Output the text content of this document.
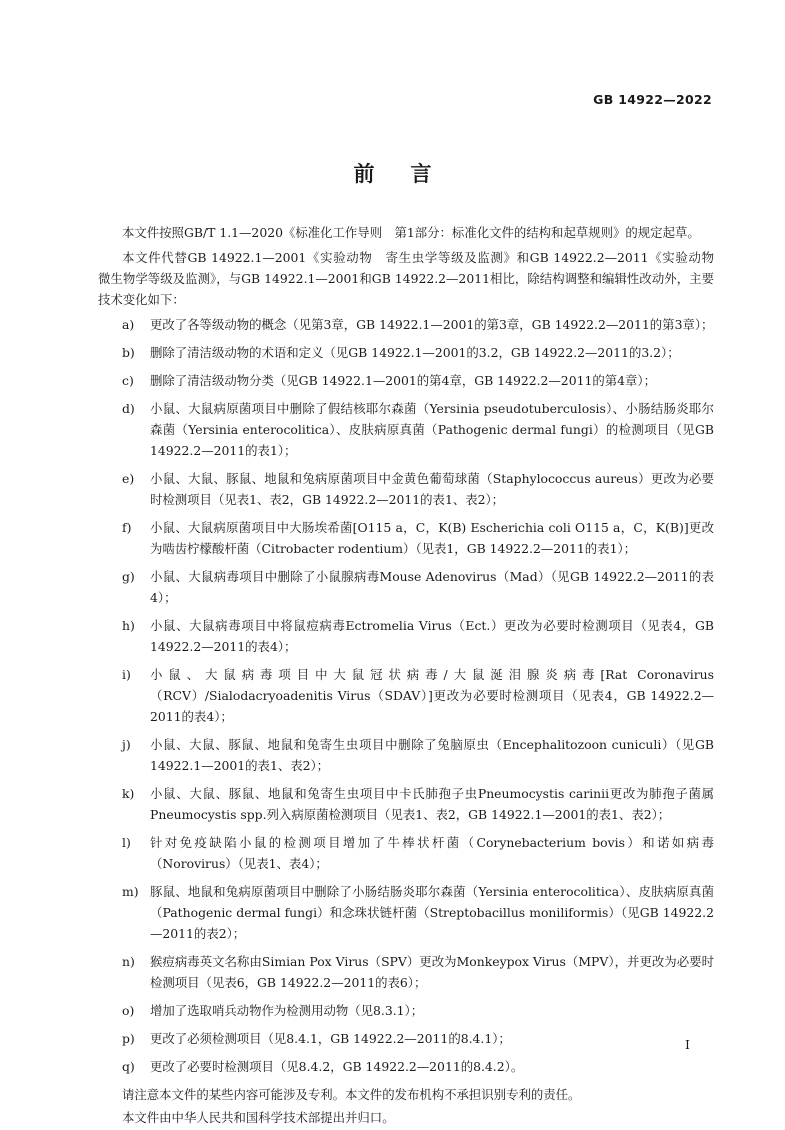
GB 14922—2022
前言

本文件按照GB/T 1.1—2020《标准化工作导则　第1部分：标准化文件的结构和起草规则》的规定起草。

本文件代替GB 14922.1—2001《实验动物　寄生虫学等级及监测》和GB 14922.2—2011《实验动物　微生物学等级及监测》，与GB 14922.1—2001和GB 14922.2—2011相比，除结构调整和编辑性改动外，主要技术变化如下：

a) 更改了各等级动物的概念（见第3章，GB 14922.1—2001的第3章，GB 14922.2—2011的第3章）；
b) 删除了清洁级动物的术语和定义（见GB 14922.1—2001的3.2，GB 14922.2—2011的3.2）；
c) 删除了清洁级动物分类（见GB 14922.1—2001的第4章，GB 14922.2—2011的第4章）；
d) 小鼠、大鼠病原菌项目中删除了假结核耶尔森菌（Yersinia pseudotuberculosis）、小肠结肠炎耶尔森菌（Yersinia enterocolitica）、皮肤病原真菌（Pathogenic dermal fungi）的检测项目（见GB 14922.2—2011的表1）；
e) 小鼠、大鼠、豚鼠、地鼠和兔病原菌项目中金黄色葡萄球菌（Staphylococcus aureus）更改为必要时检测项目（见表1、表2，GB 14922.2—2011的表1、表2）；
f) 小鼠、大鼠病原菌项目中大肠埃希菌[O115 a，C，K(B) Escherichia coli O115 a，C，K(B)]更改为啮齿柠檬酸杆菌（Citrobacter rodentium）（见表1，GB 14922.2—2011的表1）；
g) 小鼠、大鼠病毒项目中删除了小鼠腺病毒Mouse Adenovirus（Mad）（见GB 14922.2—2011的表4）；
h) 小鼠、大鼠病毒项目中将鼠痘病毒Ectromelia Virus（Ect.）更改为必要时检测项目（见表4，GB 14922.2—2011的表4）；
i) 小鼠、大鼠病毒项目中大鼠冠状病毒/大鼠涎泪腺炎病毒[Rat Coronavirus（RCV）/Sialodacryoadenitis Virus（SDAV）]更改为必要时检测项目（见表4，GB 14922.2—2011的表4）；
j) 小鼠、大鼠、豚鼠、地鼠和兔寄生虫项目中删除了兔脑原虫（Encephalitozoon cuniculi）（见GB 14922.1—2001的表1、表2）；
k) 小鼠、大鼠、豚鼠、地鼠和兔寄生虫项目中卡氏肺孢子虫Pneumocystis carinii更改为肺孢子菌属Pneumocystis spp.列入病原菌检测项目（见表1、表2，GB 14922.1—2001的表1、表2）；
l) 针对免疫缺陷小鼠的检测项目增加了牛棒状杆菌（Corynebacterium bovis）和诺如病毒（Norovirus）（见表1、表4）；
m) 豚鼠、地鼠和兔病原菌项目中删除了小肠结肠炎耶尔森菌（Yersinia enterocolitica）、皮肤病原真菌（Pathogenic dermal fungi）和念珠状链杆菌（Streptobacillus moniliformis）（见GB 14922.2—2011的表2）；
n) 猴痘病毒英文名称由Simian Pox Virus（SPV）更改为Monkeypox Virus（MPV），并更改为必要时检测项目（见表6，GB 14922.2—2011的表6）；
o) 增加了选取哨兵动物作为检测用动物（见8.3.1）；
p) 更改了必须检测项目（见8.4.1，GB 14922.2—2011的8.4.1）；
q) 更改了必要时检测项目（见8.4.2，GB 14922.2—2011的8.4.2）。

请注意本文件的某些内容可能涉及专利。本文件的发布机构不承担识别专利的责任。

本文件由中华人民共和国科学技术部提出并归口。

I
